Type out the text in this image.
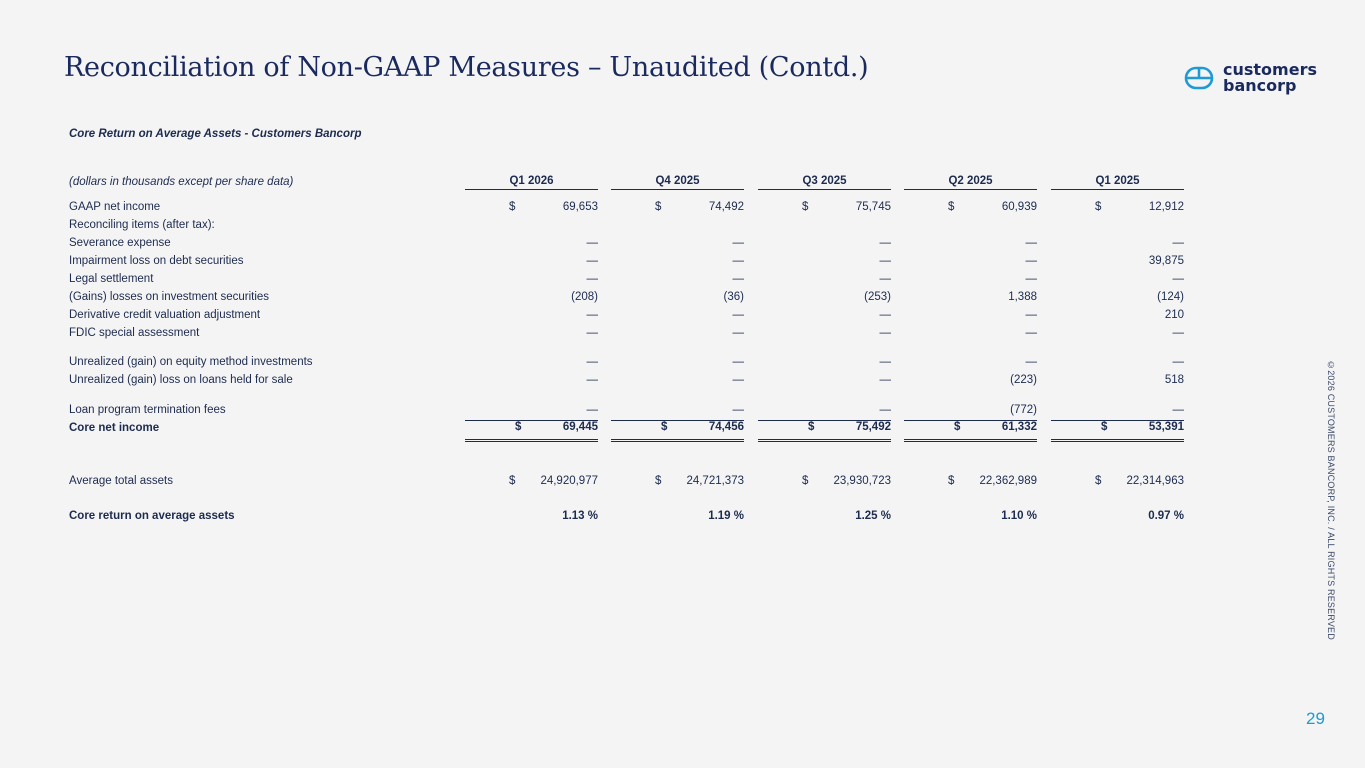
Reconciliation of Non-GAAP Measures – Unaudited (Contd.)	customers
bancorp
Core Return on Average Assets - Customers Bancorp
(dollars in thousands except per share data)	Q1 2026	Q4 2025	Q3 2025	Q2 2025	Q1 2025
GAAP net income	$	69,653	$	74,492	$	75,745	$	60,939	$	12,912
Reconciling items (after tax):
Severance expense	—	—	—	—	—
Impairment loss on debt securities	—	—	—	—	39,875
Legal settlement	—	—	—	—	—
(Gains) losses on investment securities	(208)	(36)	(253)	1,388	(124)
Derivative credit valuation adjustment	—	—	—	—	210
FDIC special assessment	—	—	—	—	—
Unrealized (gain) on equity method investments	—	—	—	—	—
Unrealized (gain) loss on loans held for sale	—	—	—	(223)	518
Loan program termination fees	—	—	—	(772)	—
Core net income	$	69,445	$	74,456	$	75,492	$	61,332	$	53,391
Average total assets	$ 24,920,977	$ 24,721,373	$ 23,930,723	$ 22,362,989	$ 22,314,963
Core return on average assets	1.13 %	1.19 %	1.25 %	1.10 %	0.97 %	©2026 CUSTOMERS BANCORP, INC. / ALL RIGHTS RESERVED
29
